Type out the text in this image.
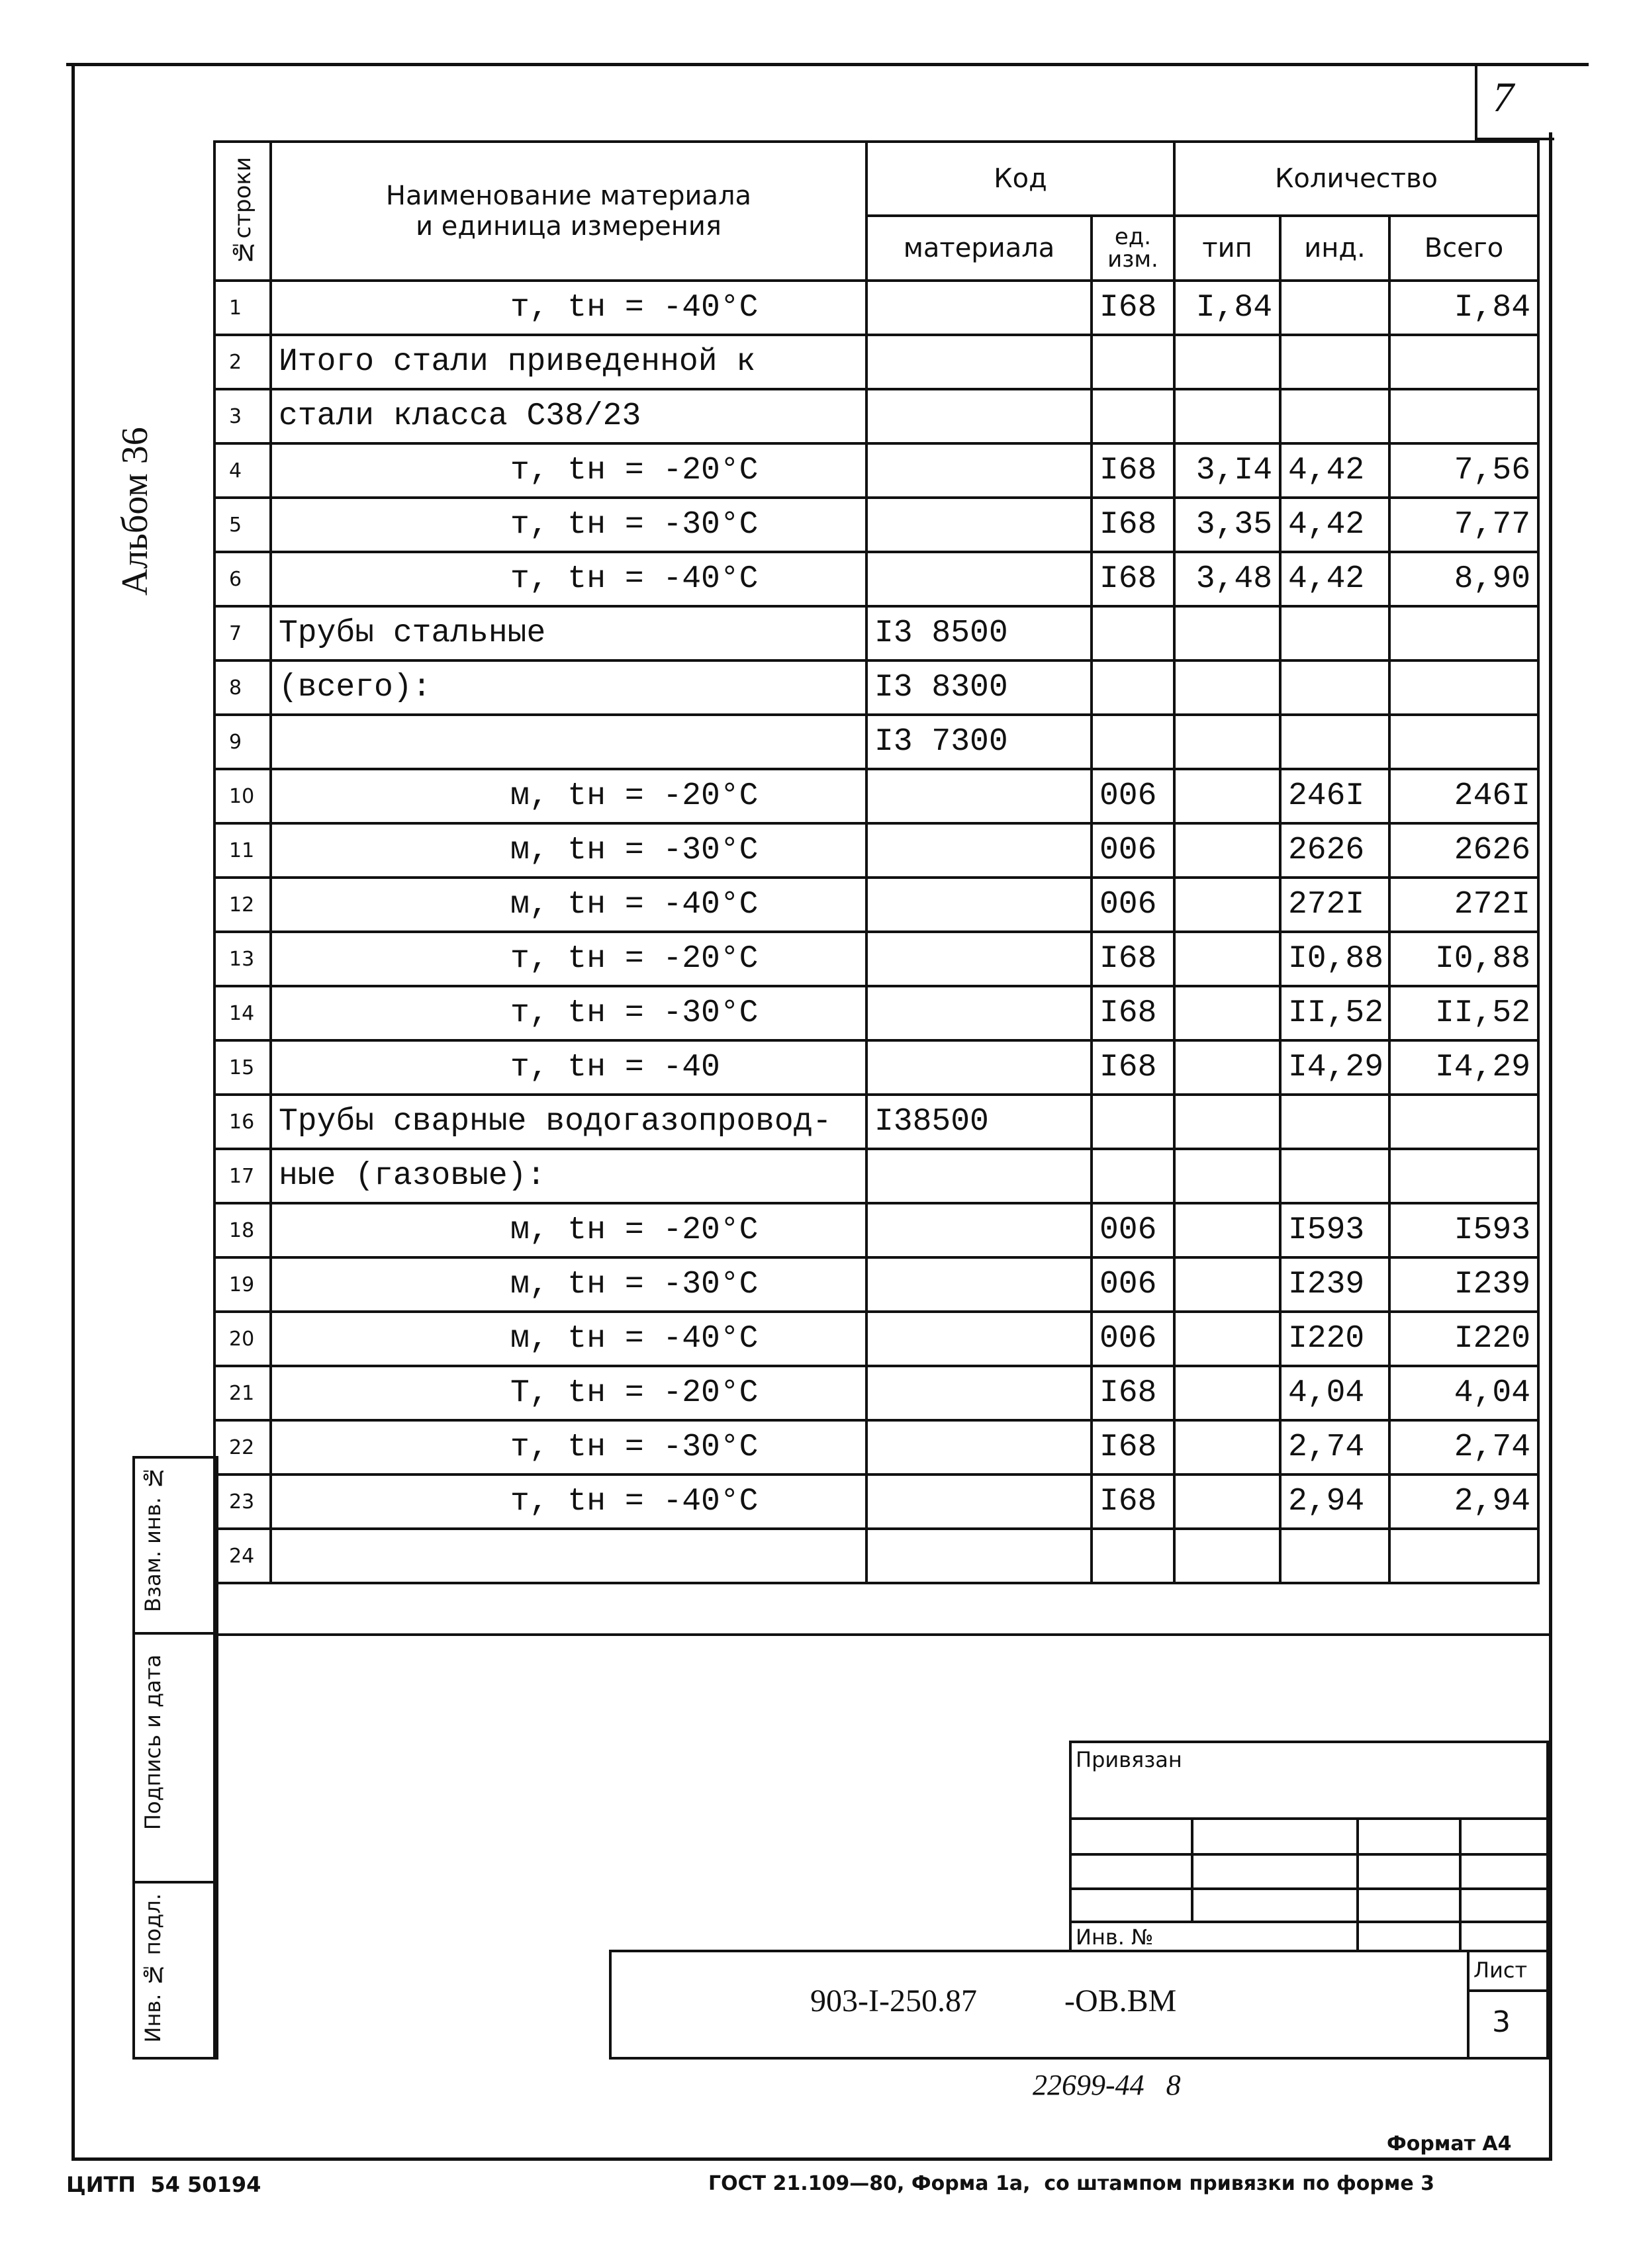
7
Альбом 36
№строки	Наименование материала
и единица измерения	Код		Количество		
		материала	ед. изм.	тип	инд.	Всего
1	т, tн = -40°С		I68	I,84		I,84
2	Итого стали приведенной к					
3	стали класса С38/23					
4	т, tн = -20°С		I68	3,I4	4,42	7,56
5	т, tн = -30°С		I68	3,35	4,42	7,77
6	т, tн = -40°С		I68	3,48	4,42	8,90
7	Трубы стальные	I3 8500				
8	(всего):	I3 8300				
9		I3 7300				
10	м, tн = -20°С		006		246I	246I
11	м, tн = -30°С		006		2626	2626
12	м, tн = -40°С		006		272I	272I
13	т, tн = -20°С		I68		I0,88	I0,88
14	т, tн = -30°С		I68		II,52	II,52
15	т, tн = -40		I68		I4,29	I4,29
16	Трубы сварные водогазопровод-	I38500				
17	ные (газовые):					
18	м, tн = -20°С		006		I593	I593
19	м, tн = -30°С		006		I239	I239
20	м, tн = -40°С		006		I220	I220
21	Т, tн = -20°С		I68		4,04	4,04
22	т, tн = -30°С		I68		2,74	2,74
23	т, tн = -40°С		I68		2,94	2,94
24						
Взам. инв. №
Подпись и дата
Инв. № подл.
Привязан
Инв. №
903-I-250.87	-ОВ.ВМ
Лист
3
22699-44   8
Формат А4
ЦИТП  54 50194	ГОСТ 21.109—80, Форма 1а,  со штампом привязки по форме 3
